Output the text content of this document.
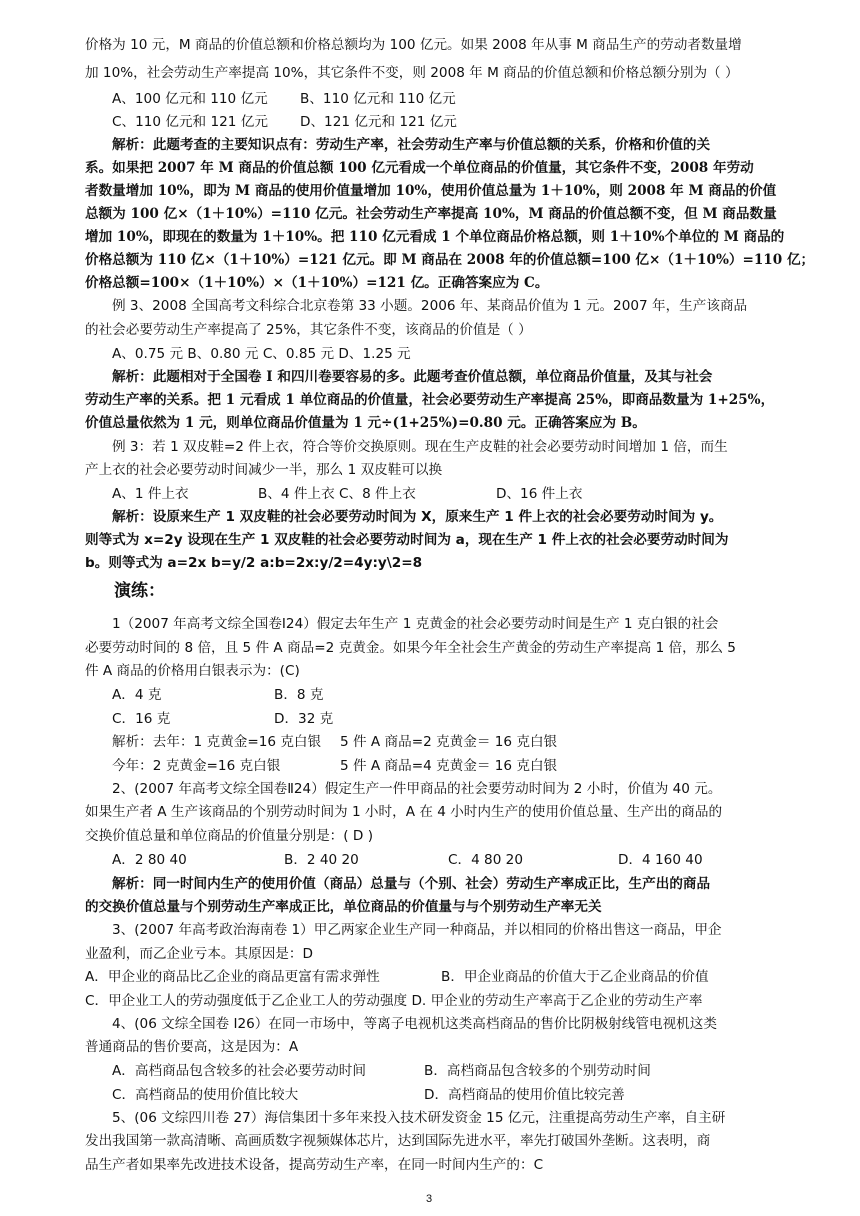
价格为 10 元，M 商品的价值总额和价格总额均为 100 亿元。如果 2008 年从事 M 商品生产的劳动者数量增
加 10%，社会劳动生产率提高 10%，其它条件不变，则 2008 年 M 商品的价值总额和价格总额分别为（ ）
A、100 亿元和 110 亿元 B、110 亿元和 110 亿元
C、110 亿元和 121 亿元 D、121 亿元和 121 亿元
解析：此题考查的主要知识点有：劳动生产率，社会劳动生产率与价值总额的关系，价格和价值的关
系。如果把 2007 年 M 商品的价值总额 100 亿元看成一个单位商品的价值量，其它条件不变，2008 年劳动
者数量增加 10%，即为 M 商品的使用价值量增加 10%，使用价值总量为 1＋10%，则 2008 年 M 商品的价值
总额为 100 亿×（1＋10%）=110 亿元。社会劳动生产率提高 10%，M 商品的价值总额不变，但 M 商品数量
增加 10%，即现在的数量为 1＋10%。把 110 亿元看成 1 个单位商品价格总额，则 1＋10%个单位的 M 商品的
价格总额为 110 亿×（1＋10%）=121 亿元。即 M 商品在 2008 年的价值总额=100 亿×（1＋10%）=110 亿；
价格总额=100×（1＋10%）×（1＋10%）=121 亿。正确答案应为 C。
例 3、2008 全国高考文科综合北京卷第 33 小题。2006 年、某商品价值为 1 元。2007 年，生产该商品
的社会必要劳动生产率提高了 25%，其它条件不变，该商品的价值是（ ）
A、0.75 元 B、0.80 元 C、0.85 元 D、1.25 元
解析：此题相对于全国卷 I 和四川卷要容易的多。此题考查价值总额，单位商品价值量，及其与社会
劳动生产率的关系。把 1 元看成 1 单位商品的价值量，社会必要劳动生产率提高 25%，即商品数量为 1+25%，
价值总量依然为 1 元，则单位商品价值量为 1 元÷(1+25%)=0.80 元。正确答案应为 B。
例 3：若 1 双皮鞋=2 件上衣，符合等价交换原则。现在生产皮鞋的社会必要劳动时间增加 1 倍，而生
产上衣的社会必要劳动时间减少一半，那么 1 双皮鞋可以换
A、1 件上衣	B、4 件上衣 C、8 件上衣	D、16 件上衣
解析：设原来生产 1 双皮鞋的社会必要劳动时间为 X，原来生产 1 件上衣的社会必要劳动时间为 y。
则等式为 x=2y 设现在生产 1 双皮鞋的社会必要劳动时间为 a，现在生产 1 件上衣的社会必要劳动时间为
b。则等式为 a=2x b=y/2 a:b=2x:y/2=4y:y\2=8
演练：
1（2007 年高考文综全国卷Ⅰ24）假定去年生产 1 克黄金的社会必要劳动时间是生产 1 克白银的社会
必要劳动时间的 8 倍，且 5 件 A 商品=2 克黄金。如果今年全社会生产黄金的劳动生产率提高 1 倍，那么 5
件 A 商品的价格用白银表示为：(C)
A．4 克	B．8 克
C．16 克	D．32 克
解析：去年：1 克黄金=16 克白银 5 件 A 商品=2 克黄金＝ 16 克白银
今年：2 克黄金=16 克白银	5 件 A 商品=4 克黄金＝ 16 克白银
2、(2007 年高考文综全国卷Ⅱ24）假定生产一件甲商品的社会要劳动时间为 2 小时，价值为 40 元。
如果生产者 A 生产该商品的个别劳动时间为 1 小时，A 在 4 小时内生产的使用价值总量、生产出的商品的
交换价值总量和单位商品的价值量分别是：( D )
A．2 80 40	B．2 40 20	C．4 80 20	D．4 160 40
解析：同一时间内生产的使用价值（商品）总量与（个别、社会）劳动生产率成正比，生产出的商品
的交换价值总量与个别劳动生产率成正比，单位商品的价值量与与个别劳动生产率无关
3、(2007 年高考政治海南卷 1）甲乙两家企业生产同一种商品，并以相同的价格出售这一商品，甲企
业盈利，而乙企业亏本。其原因是：D
A．甲企业的商品比乙企业的商品更富有需求弹性	B．甲企业商品的价值大于乙企业商品的价值
C．甲企业工人的劳动强度低于乙企业工人的劳动强度 D. 甲企业的劳动生产率高于乙企业的劳动生产率
4、(06 文综全国卷 I26）在同一市场中，等离子电视机这类高档商品的售价比阴极射线管电视机这类
普通商品的售价要高，这是因为：A
A．高档商品包含较多的社会必要劳动时间	B．高档商品包含较多的个别劳动时间
C．高档商品的使用价值比较大	D．高档商品的使用价值比较完善
5、(06 文综四川卷 27）海信集团十多年来投入技术研发资金 15 亿元，注重提高劳动生产率，自主研
发出我国第一款高清晰、高画质数字视频媒体芯片，达到国际先进水平，率先打破国外垄断。这表明，商
品生产者如果率先改进技术设备，提高劳动生产率，在同一时间内生产的：C
3
